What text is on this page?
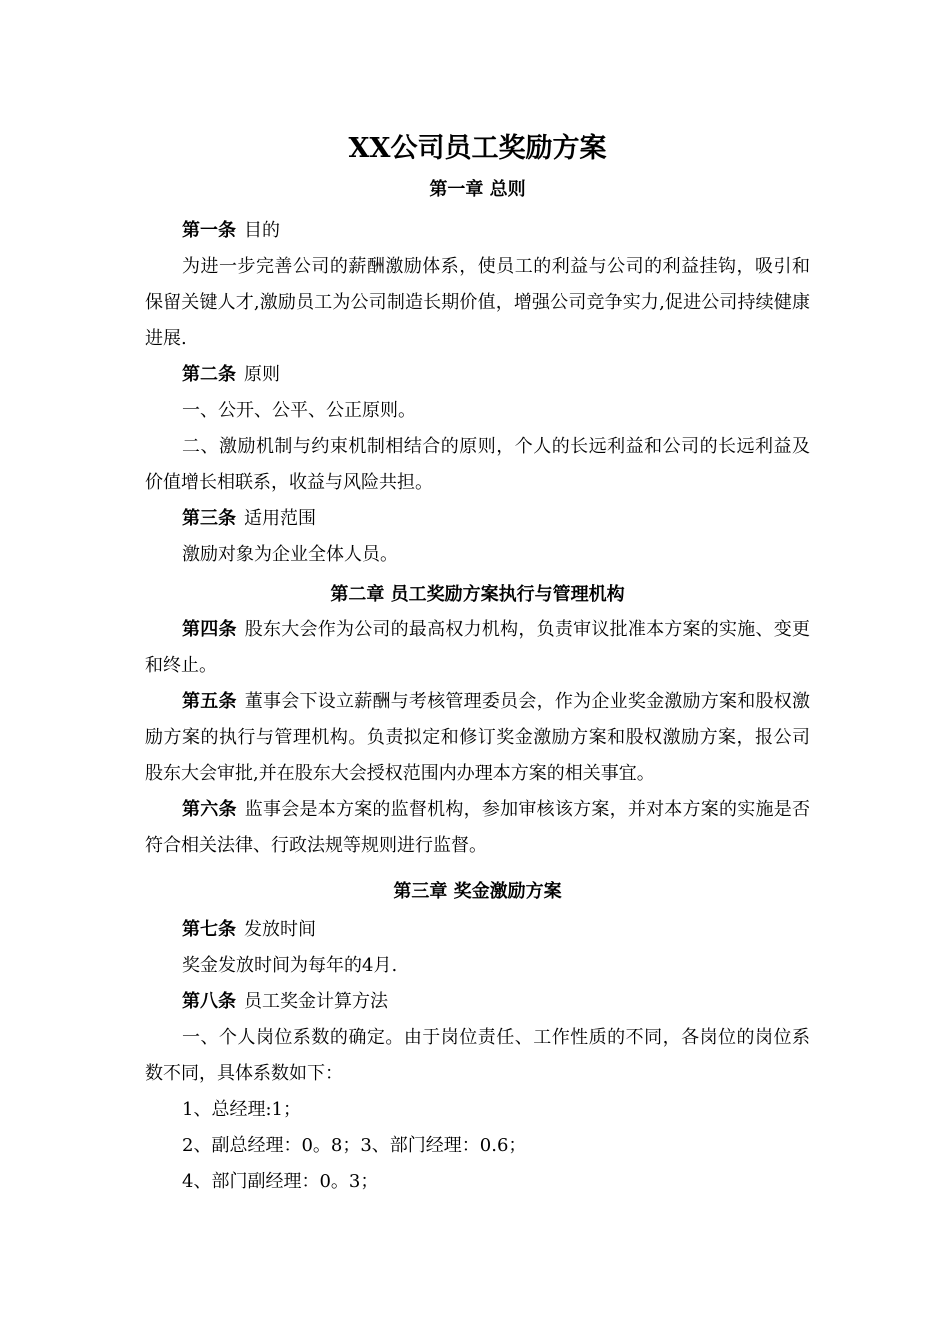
XX公司员工奖励方案
第一章 总则

第一条 目的

为进一步完善公司的薪酬激励体系，使员工的利益与公司的利益挂钩，吸引和保留关键人才,激励员工为公司制造长期价值，增强公司竞争实力,促进公司持续健康进展.

第二条 原则

一、公开、公平、公正原则。

二、激励机制与约束机制相结合的原则，个人的长远利益和公司的长远利益及价值增长相联系，收益与风险共担。

第三条 适用范围

激励对象为企业全体人员。

第二章 员工奖励方案执行与管理机构

第四条 股东大会作为公司的最高权力机构，负责审议批准本方案的实施、变更和终止。

第五条 董事会下设立薪酬与考核管理委员会，作为企业奖金激励方案和股权激励方案的执行与管理机构。负责拟定和修订奖金激励方案和股权激励方案，报公司股东大会审批,并在股东大会授权范围内办理本方案的相关事宜。

第六条 监事会是本方案的监督机构，参加审核该方案，并对本方案的实施是否符合相关法律、行政法规等规则进行监督。

第三章 奖金激励方案

第七条 发放时间

奖金发放时间为每年的4月.

第八条 员工奖金计算方法

一、个人岗位系数的确定。由于岗位责任、工作性质的不同，各岗位的岗位系数不同，具体系数如下：

1、总经理:1；

2、副总经理：0。8；3、部门经理：0.6；

4、部门副经理：0。3；
